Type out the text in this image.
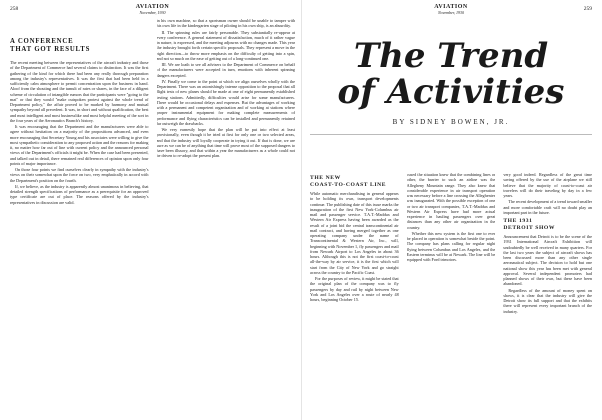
258	AVIATION
November, 1930
A CONFERENCE
THAT GOT RESULTS

The recent meeting between the representatives of the aircraft industry and those of the Department of Commerce had several claims to distinction. It was the first gathering of the kind for which there had been any really thorough preparation among the industry's representatives. It was the first that had been held in a sufficiently calm atmosphere to permit concentration upon the business in hand. Aloof from the shouting and the tumult of rates or shares, in the face of a diligent scheme of circulation of intangible rumors that the participants were "going to the mat" or that they would "make outspoken protest against the whole trend of Department policy," the affair proved to be marked by harmony and mutual sympathy beyond all precedent. It was, in short and without qualification, the best and most intelligent and most businesslike and most helpful meeting of the sort in the four years of the Aeronautics Branch's history.

It was encouraging that the Department and the manufacturers were able to agree without hesitation on a majority of the propositions advanced, and even more encouraging that Secretary Young and his associates were willing to give the most sympathetic consideration to any proposed action and the reasons for making it, no matter how far out of line with current policy and the announced personal views of the Department's officials it might be. When the case had been presented, and talked out in detail, there remained real differences of opinion upon only four points of major importance.

On those four points we find ourselves clearly in sympathy with the industry's views on their somewhat upon the force on two, very emphatically in accord with the Department's position on the fourth.

If, we believe, as the industry is apparently almost unanimous in believing, that detailed strength specifications of performance as a prerequisite for an approved type certificate are out of place. The reasons offered by the industry's representatives in discussion are valid.

in his own machine, so that a sportsman owner should be unable to tamper with his own life in the kindergarten stage of piloting in his own ship, is an absurdity.

II. The spinning rules are fairly personable. They substantially re-appear at every conference. A general statement of dissatisfaction, much of it rather vague in nature, is expressed, and the meeting adjourns with no changes made. This year the industry brought forth certain specific proposals. They represent a move in the right direction—to throw more emphasis on the difficulty of getting into a spin, and not so much on the ease of getting out of a long-continued one.

III. We are loath to see all advisers to the Department of Commerce on behalf of the manufacturers were accepted in turn, emotions with inherent spinning dangers excepted.

IV. Finally we come to the point at which we align ourselves wholly with the Department. There was an astonishingly intense opposition to the proposal that all flight tests of new planes should be made at one of eight permanently established testing stations. Admittedly, difficulties would arise for some manufacturers. There would be occasional delays and expenses. But the advantages of working with a permanent and competent organization and of working at stations where proper instrumental equipment for making complete measurements of performance and flying characteristics can be installed and permanently retained far outweigh the drawbacks.

We very earnestly hope that the plan will be put into effect at least provisionally, even though it be tried at first for only one or two selected areas, and that the industry will loyally cooperate in trying it out. If that is done, we are sure as we can be of anything that time will prove most of the supposed dangers to have been illusory, and that within a year the manufacturers as a whole could not be driven to re-adopt the present plan.

AVIATION
November, 1930
259
The Trend
of Activities
BY SIDNEY BOWEN, JR.
THE NEW
COAST-TO-COAST LINE

While automatic merchandising in general appears to be holding its own, transport developments continue. The publishing date of this issue marks the inauguration of the first New York-Columbus air mail and passenger service. T.A.T.-Maddux and Western Air Express having been awarded as the result of a joint bid the central transcontinental air mail contract, and having merged together as one operating company under the name of Transcontinental & Western Air, Inc., will, beginning with November 1, fly passengers and mail from Newark Airport to Los Angeles in about 36 hours. Although this is not the first coast-to-coast all-the-way by air service, it is the first which will start from the City of New York and go straight across the country to the Pacific Coast.

For the purposes of review, it might be stated that the original plan of the company was to fly passengers by day and rail by night between New York and Los Angeles over a route of nearly 48 hours, beginning October 15.

cused the situation knew that the combining lines or other, the barrier to such an airline was the Allegheny Mountain range. They also knew that considerable experience in air transport operation was necessary before a line crossing the Alleghenies was inaugurated. With the possible exception of one or two air transport companies, T.A.T.-Maddux and Western Air Express have had more actual experience in hauling passengers over great distances than any other air organization in the country.

Whether this new system is the first one to ever be placed in operation is somewhat beside the point. The company has plans calling for regular night flying between Columbus and Los Angeles, and the Eastern terminus will be at Newark. The line will be equipped with Ford trimotors.

very good indeed. Regardless of the great time saving offered by the use of the airplane we still believe that the majority of coast-to-coast air travelers will do their traveling by day in a few years.

The recent development of a trend toward smaller and more comfortable craft will no doubt play an important part in the future.

THE 1931
DETROIT SHOW

Announcement that Detroit is to be the scene of the 1931 International Aircraft Exhibition will undoubtedly be well received in many quarters. For the last two years the subject of aircraft shows has been discussed more than any other single aeronautical subject. The decision to hold but one national show this year has been met with general approval. Several independent promoters had planned shows of their own, but these have been abandoned.

Regardless of the amount of money spent on shows, it is clear that the industry will give the Detroit show its full support and that the exhibits there will represent every important branch of the industry.
